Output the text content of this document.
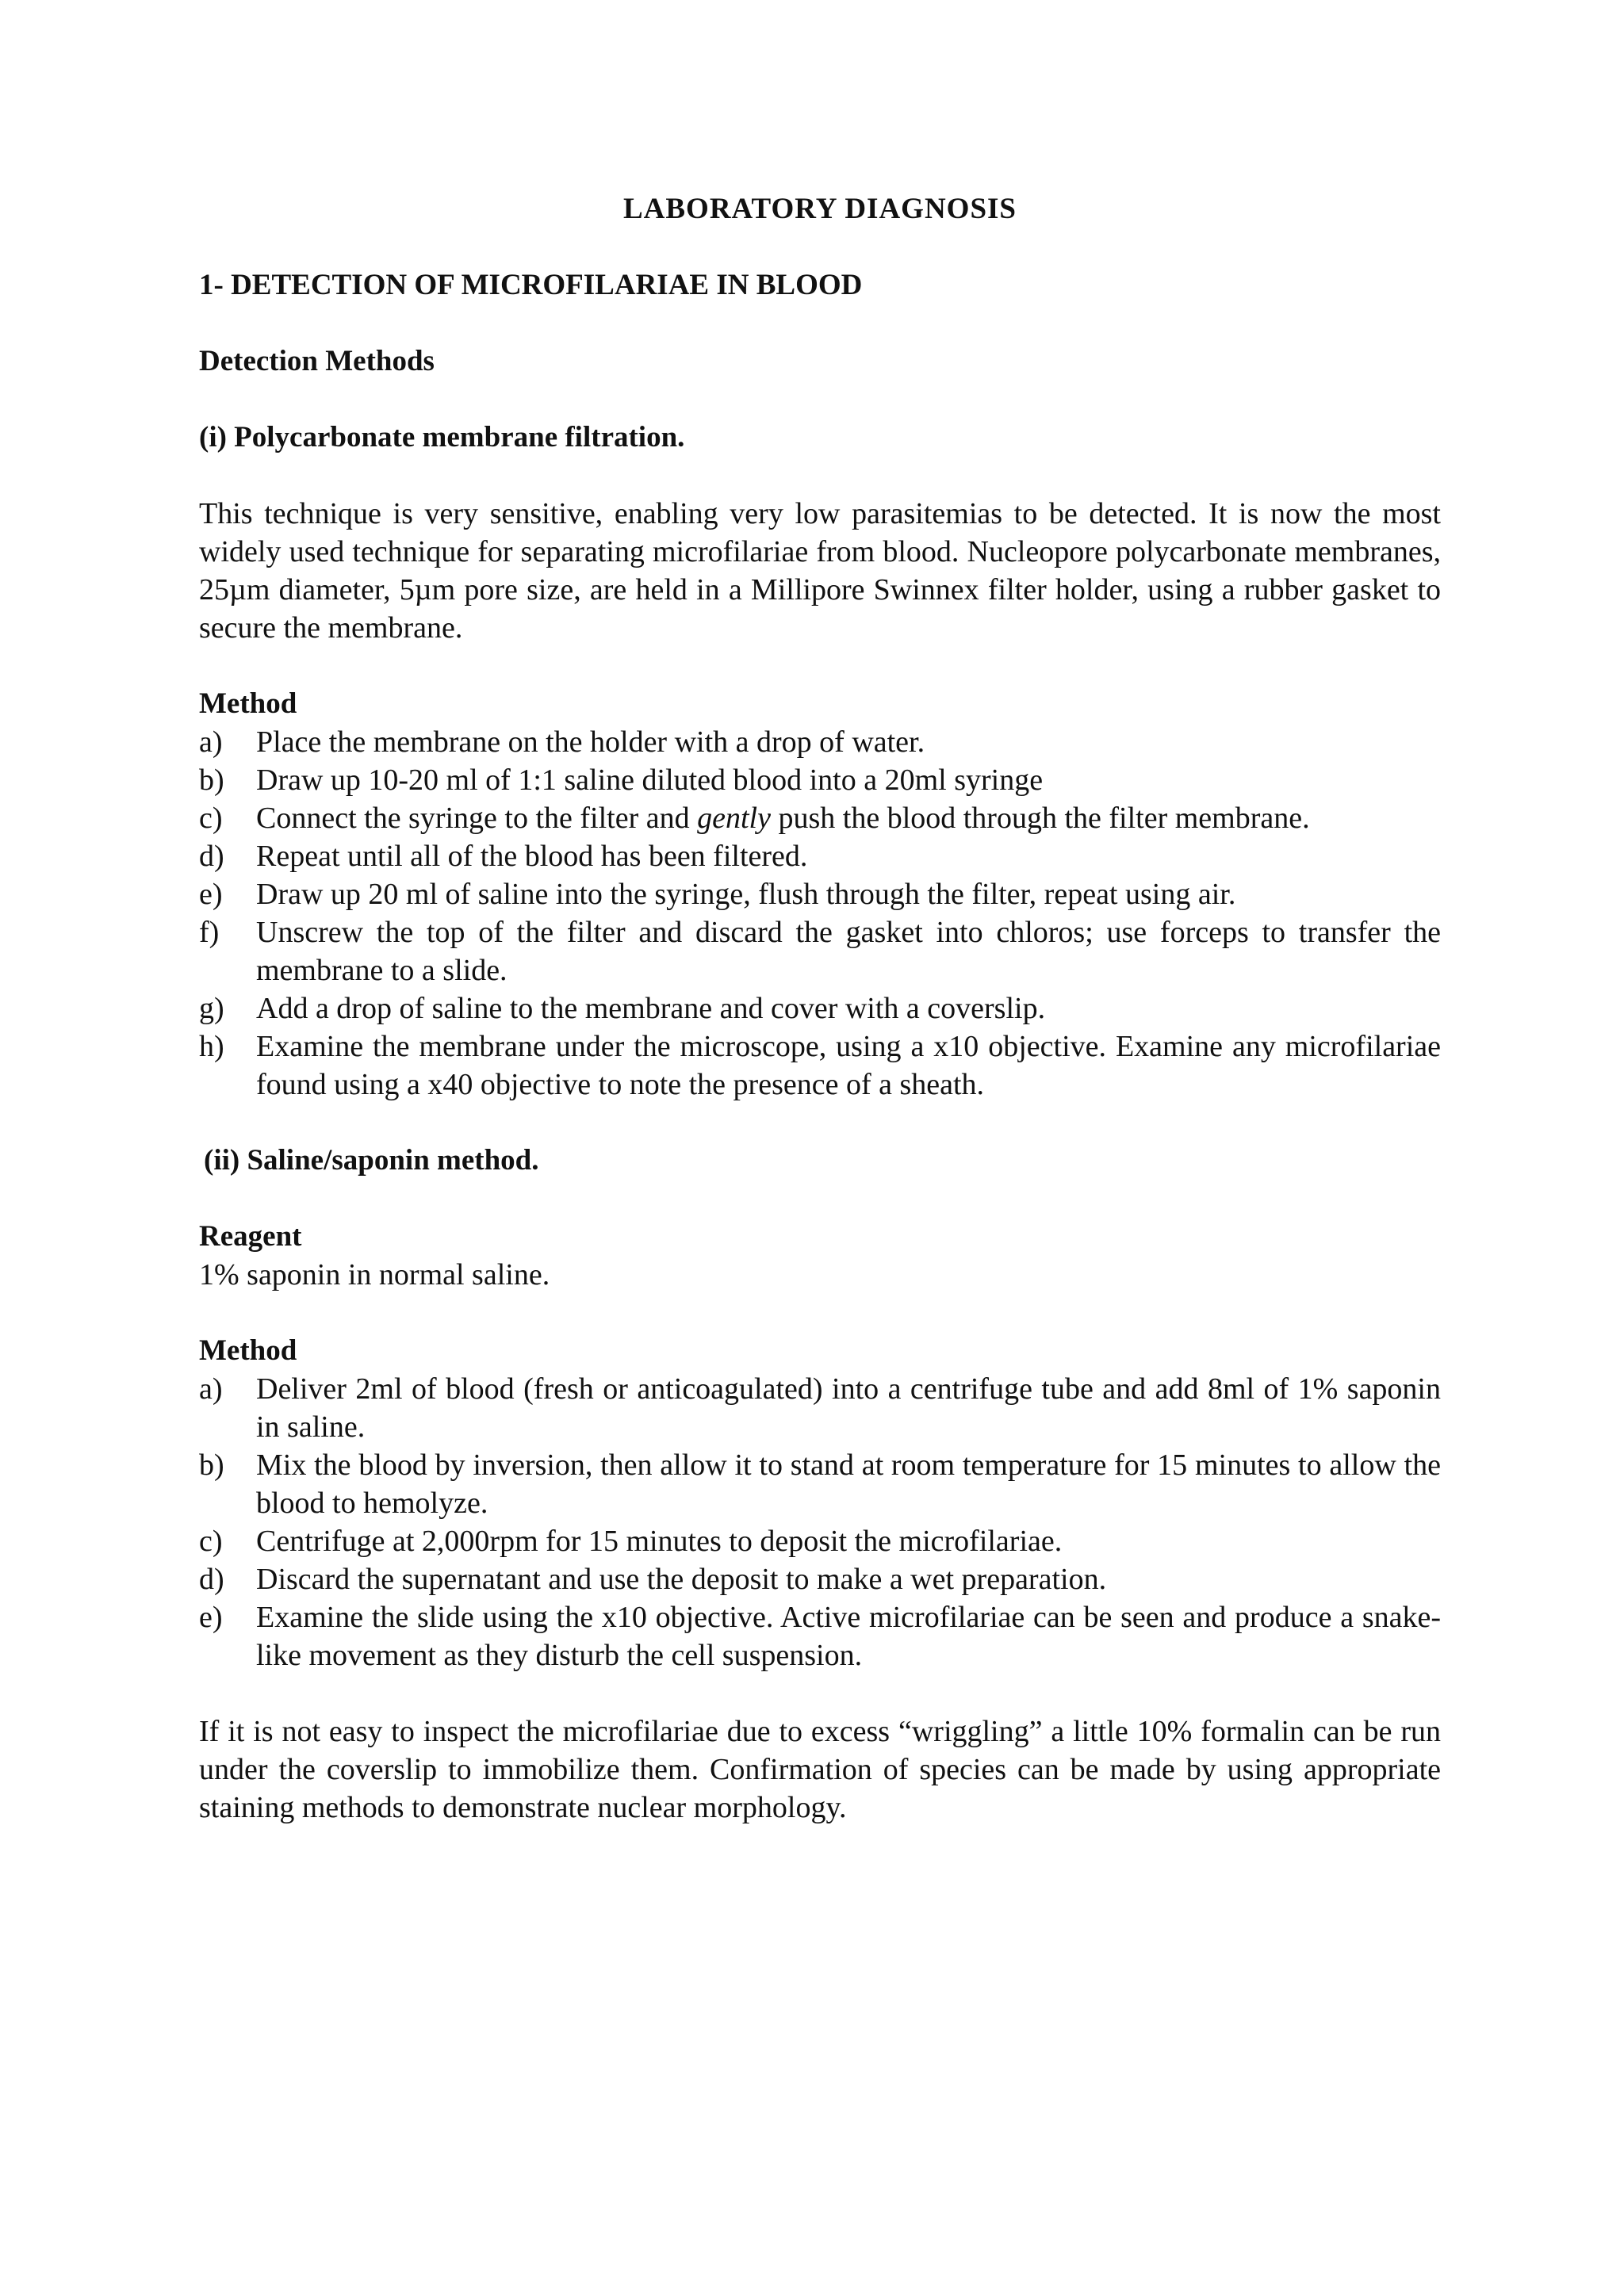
LABORATORY DIAGNOSIS
1- DETECTION OF MICROFILARIAE IN BLOOD
Detection Methods
(i) Polycarbonate membrane filtration.

This technique is very sensitive, enabling very low parasitemias to be detected. It is now the most widely used technique for separating microfilariae from blood. Nucleopore polycarbonate membranes, 25µm diameter, 5µm pore size, are held in a Millipore Swinnex filter holder, using a rubber gasket to secure the membrane.

Method
a) Place the membrane on the holder with a drop of water.
b) Draw up 10-20 ml of 1:1 saline diluted blood into a 20ml syringe
c) Connect the syringe to the filter and gently push the blood through the filter membrane.
d) Repeat until all of the blood has been filtered.
e) Draw up 20 ml of saline into the syringe, flush through the filter, repeat using air.
f) Unscrew the top of the filter and discard the gasket into chloros; use forceps to transfer the membrane to a slide.
g) Add a drop of saline to the membrane and cover with a coverslip.
h) Examine the membrane under the microscope, using a x10 objective. Examine any microfilariae found using a x40 objective to note the presence of a sheath.
(ii) Saline/saponin method.
Reagent
1% saponin in normal saline.
Method
a) Deliver 2ml of blood (fresh or anticoagulated) into a centrifuge tube and add 8ml of 1% saponin in saline.
b) Mix the blood by inversion, then allow it to stand at room temperature for 15 minutes to allow the blood to hemolyze.
c) Centrifuge at 2,000rpm for 15 minutes to deposit the microfilariae.
d) Discard the supernatant and use the deposit to make a wet preparation.
e) Examine the slide using the x10 objective. Active microfilariae can be seen and produce a snake-like movement as they disturb the cell suspension.

If it is not easy to inspect the microfilariae due to excess “wriggling” a little 10% formalin can be run under the coverslip to immobilize them. Confirmation of species can be made by using appropriate staining methods to demonstrate nuclear morphology.
